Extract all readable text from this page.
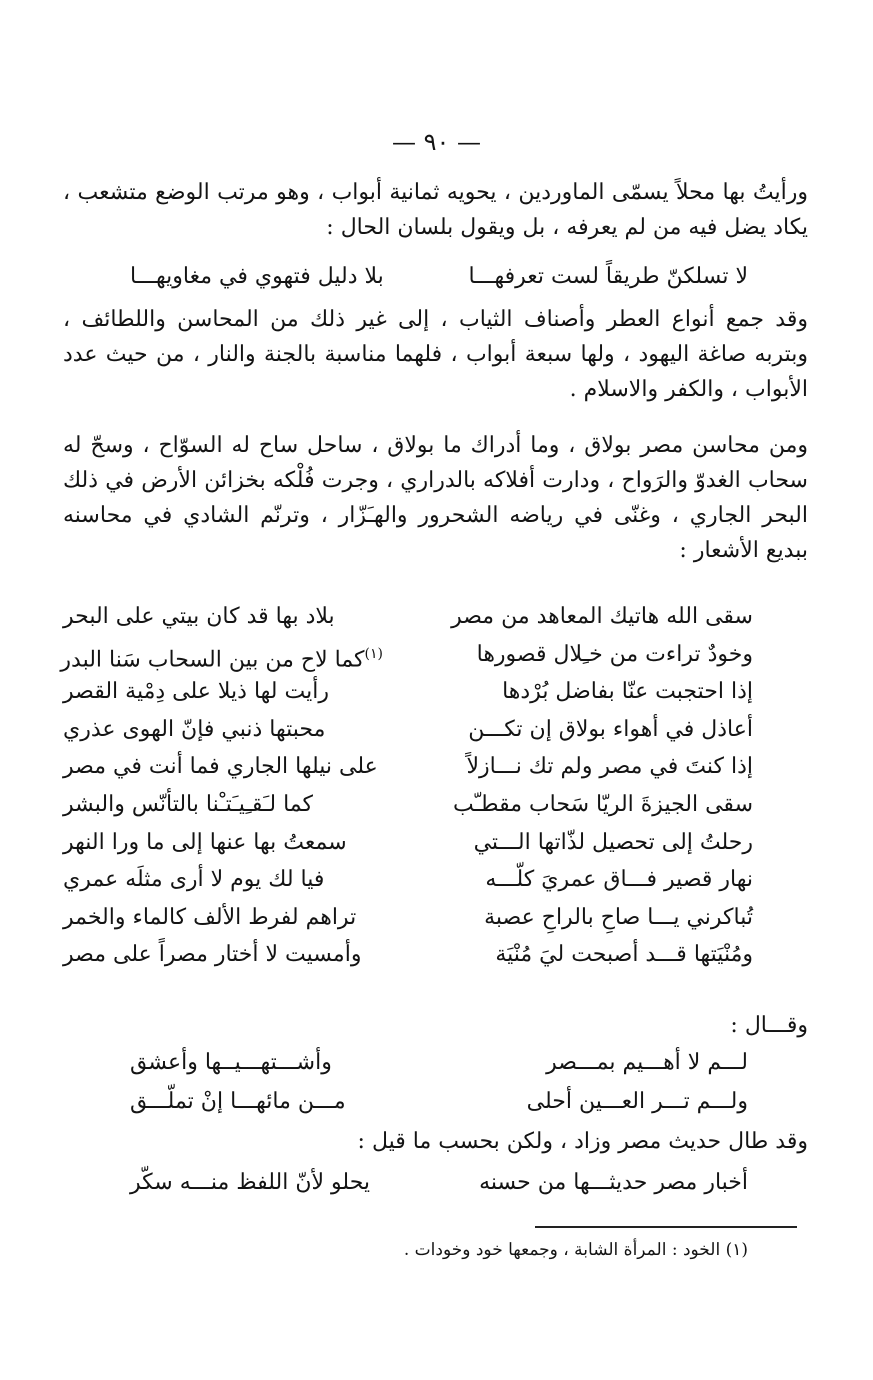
— ٩٠ —
ورأيتُ بها محلاً يسمّى الماوردين ، يحويه ثمانية أبواب ، وهو مرتب الوضع متشعب ، يكاد يضل فيه من لم يعرفه ، بل ويقول بلسان الحال :
لا تسلكنّ طريقاً لست تعرفهـــا
بلا دليل فتهوي في مغاويهـــا
وقد جمع أنواع العطر وأصناف الثياب ، إلى غير ذلك من المحاسن واللطائف ، وبتربه صاغة اليهود ، ولها سبعة أبواب ، فلهما مناسبة بالجنة والنار ، من حيث عدد الأبواب ، والكفر والاسلام .
ومن محاسن مصر بولاق ، وما أدراك ما بولاق ، ساحل ساح له السوّاح ، وسحّ له سحاب الغدوّ والرَواح ، ودارت أفلاكه بالدراري ، وجرت فُلْكه بخزائن الأرض في ذلك البحر الجاري ، وغنّى في رياضه الشحرور والهـَزّار ، وترنّم الشادي في محاسنه ببديع الأشعار :
سقى الله هاتيك المعاهد من مصر
بلاد بها قد كان بيتي على البحر
وخودٌ تراءت من خـِلال قصورها
$^{(١)}$كما لاح من بين السحاب سَنا البدر
إذا احتجبت عنّا بفاضل بُرْدها
رأيت لها ذيلا على دِمْية القصر
أعاذل في أهواء بولاق إن تكـــن
محبتها ذنبي فإنّ الهوى عذري
إذا كنتَ في مصر ولم تك نـــازلاً
على نيلها الجاري فما أنت في مصر
سقى الجيزةَ الريّا سَحاب مقطـّب
كما لـَقـِيـَتـْنا بالتأنّس والبشر
رحلتُ إلى تحصيل لذّاتها الـــتي
سمعتُ بها عنها إلى ما ورا النهر
نهار قصير فـــاق عمريَ كلّـــه
فيا لك يوم لا أرى مثلَه عمري
تُباكرني يـــا صاحِ بالراحِ عصبة
تراهم لفرط الألف كالماء والخمر
ومُنْيَتها قـــد أصبحت ليَ مُنْيَة
وأمسيت لا أختار مصراً على مصر
وقـــال :
لـــم لا أهـــيم بمـــصر
وأشـــتهـــيــها وأعشق
ولـــم تـــر العـــين أحلى
مـــن مائهـــا إنْ تملّـــق
وقد طال حديث مصر وزاد ، ولكن بحسب ما قيل :
أخبار مصر حديثـــها من حسنه
يحلو لأنّ اللفظ منـــه سكّر
(١) الخود : المرأة الشابة ، وجمعها خود وخودات .
